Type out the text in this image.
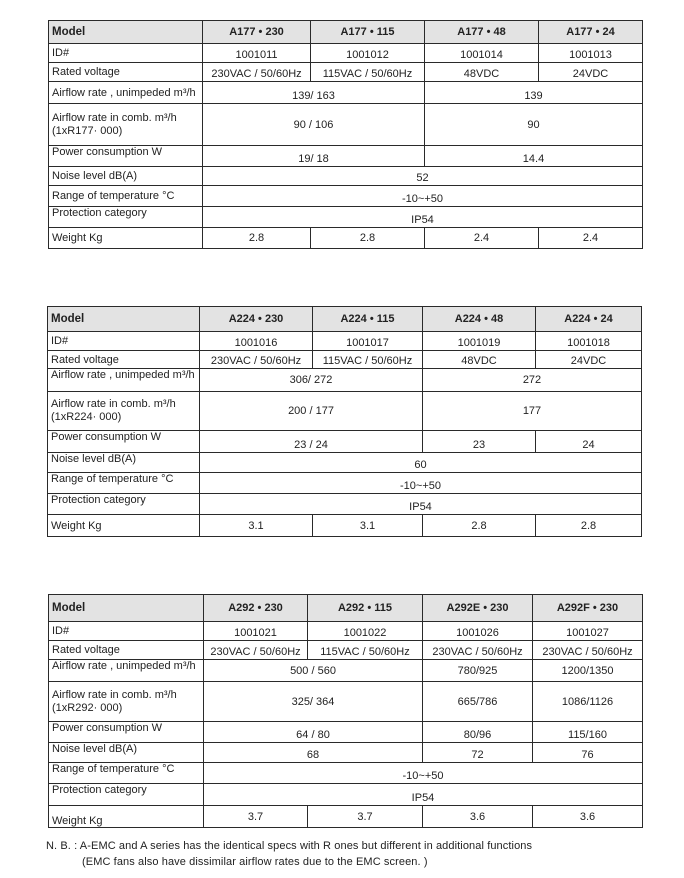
Model	A177 • 230	A177 • 115	A177 • 48	A177 • 24
ID#	1001011	1001012	1001014	1001013
Rated voltage	230VAC / 50/60Hz	115VAC / 50/60Hz	48VDC	24VDC
Airflow rate , unimpeded m³/h	139/ 163		139	
Airflow rate in comb. m³/h
(1xR177· 000)	90 / 106		90	
Power consumption W	19/ 18		14.4	
Noise level dB(A)	52			
Range of temperature °C	-10~+50			
Protection category	IP54			
Weight Kg	2.8	2.8	2.4	2.4
Model	A224 • 230	A224 • 115	A224 • 48	A224 • 24
ID#	1001016	1001017	1001019	1001018
Rated voltage	230VAC / 50/60Hz	115VAC / 50/60Hz	48VDC	24VDC
Airflow rate , unimpeded m³/h	306/ 272		272	
Airflow rate in comb. m³/h
(1xR224· 000)	200 / 177		177	
Power consumption W	23 / 24		23	24
Noise level dB(A)	60			
Range of temperature °C	-10~+50			
Protection category	IP54			
Weight Kg	3.1	3.1	2.8	2.8
Model	A292 • 230	A292 • 115	A292E • 230	A292F • 230
ID#	1001021	1001022	1001026	1001027
Rated voltage	230VAC / 50/60Hz	115VAC / 50/60Hz	230VAC / 50/60Hz	230VAC / 50/60Hz
Airflow rate , unimpeded m³/h	500 / 560		780/925	1200/1350
Airflow rate in comb. m³/h
(1xR292· 000)	325/ 364		665/786	1086/1126
Power consumption W	64 / 80		80/96	115/160
Noise level dB(A)	68		72	76
Range of temperature °C	-10~+50			
Protection category	IP54			
Weight Kg	3.7	3.7	3.6	3.6
N. B. : A-EMC and A series has the identical specs with R ones but different in additional functions
(EMC fans also have dissimilar airflow rates due to the EMC screen. )
